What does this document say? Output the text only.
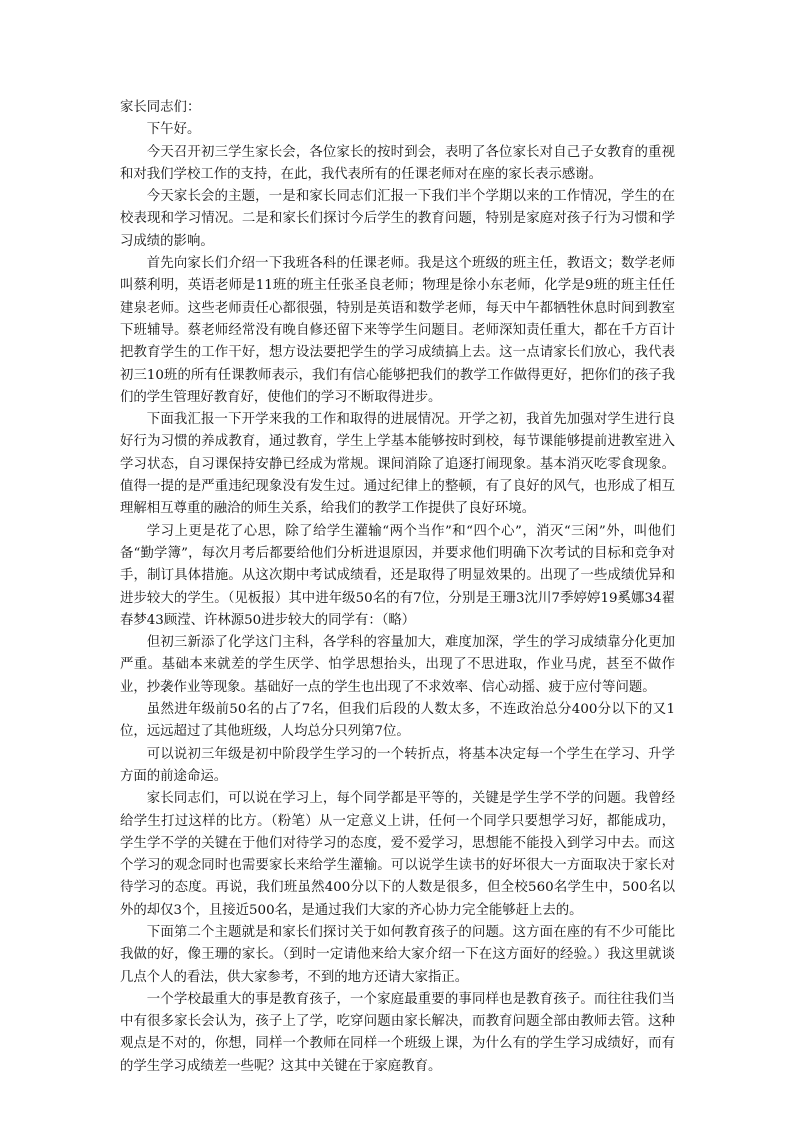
家长同志们：

下午好。

今天召开初三学生家长会，各位家长的按时到会，表明了各位家长对自己子女教育的重视和对我们学校工作的支持，在此，我代表所有的任课老师对在座的家长表示感谢。

今天家长会的主题，一是和家长同志们汇报一下我们半个学期以来的工作情况，学生的在校表现和学习情况。二是和家长们探讨今后学生的教育问题，特别是家庭对孩子行为习惯和学习成绩的影响。

首先向家长们介绍一下我班各科的任课老师。我是这个班级的班主任，教语文；数学老师叫蔡利明，英语老师是11班的班主任张圣良老师；物理是徐小东老师，化学是9班的班主任任建泉老师。这些老师责任心都很强，特别是英语和数学老师，每天中午都牺牲休息时间到教室下班辅导。蔡老师经常没有晚自修还留下来等学生问题目。老师深知责任重大，都在千方百计把教育学生的工作干好，想方设法要把学生的学习成绩搞上去。这一点请家长们放心，我代表初三10班的所有任课教师表示，我们有信心能够把我们的教学工作做得更好，把你们的孩子我们的学生管理好教育好，使他们的学习不断取得进步。

下面我汇报一下开学来我的工作和取得的进展情况。开学之初，我首先加强对学生进行良好行为习惯的养成教育，通过教育，学生上学基本能够按时到校，每节课能够提前进教室进入学习状态，自习课保持安静已经成为常规。课间消除了追逐打闹现象。基本消灭吃零食现象。值得一提的是严重违纪现象没有发生过。通过纪律上的整顿，有了良好的风气，也形成了相互理解相互尊重的融洽的师生关系，给我们的教学工作提供了良好环境。

学习上更是花了心思，除了给学生灌输“两个当作”和“四个心”，消灭“三闲”外，叫他们备“勤学簿”，每次月考后都要给他们分析进退原因，并要求他们明确下次考试的目标和竞争对手，制订具体措施。从这次期中考试成绩看，还是取得了明显效果的。出现了一些成绩优异和进步较大的学生。（见板报）其中进年级50名的有7位，分别是王珊3沈川7季婷婷19奚娜34翟春梦43顾滢、许林源50进步较大的同学有：（略）

但初三新添了化学这门主科，各学科的容量加大，难度加深，学生的学习成绩靠分化更加严重。基础本来就差的学生厌学、怕学思想抬头，出现了不思进取，作业马虎，甚至不做作业，抄袭作业等现象。基础好一点的学生也出现了不求效率、信心动摇、疲于应付等问题。

虽然进年级前50名的占了7名，但我们后段的人数太多，不连政治总分400分以下的又1位，远远超过了其他班级，人均总分只列第7位。

可以说初三年级是初中阶段学生学习的一个转折点，将基本决定每一个学生在学习、升学方面的前途命运。

家长同志们，可以说在学习上，每个同学都是平等的，关键是学生学不学的问题。我曾经给学生打过这样的比方。（粉笔）从一定意义上讲，任何一个同学只要想学习好，都能成功，学生学不学的关键在于他们对待学习的态度，爱不爱学习，思想能不能投入到学习中去。而这个学习的观念同时也需要家长来给学生灌输。可以说学生读书的好坏很大一方面取决于家长对待学习的态度。再说，我们班虽然400分以下的人数是很多，但全校560名学生中，500名以外的却仅3个，且接近500名，是通过我们大家的齐心协力完全能够赶上去的。

下面第二个主题就是和家长们探讨关于如何教育孩子的问题。这方面在座的有不少可能比我做的好，像王珊的家长。（到时一定请他来给大家介绍一下在这方面好的经验。）我这里就谈几点个人的看法，供大家参考，不到的地方还请大家指正。

一个学校最重大的事是教育孩子，一个家庭最重要的事同样也是教育孩子。而往往我们当中有很多家长会认为，孩子上了学，吃穿问题由家长解决，而教育问题全部由教师去管。这种观点是不对的，你想，同样一个教师在同样一个班级上课，为什么有的学生学习成绩好，而有的学生学习成绩差一些呢？这其中关键在于家庭教育。
